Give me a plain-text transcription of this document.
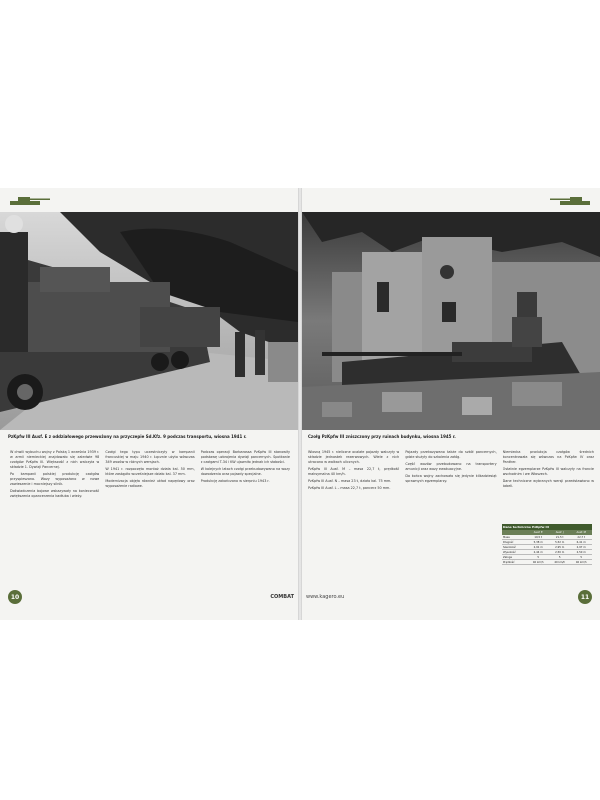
PzKpfw III Ausf. E z oddziałowego przewożony na przyczepie Sd.Kfz. 9 podczas transportu, wiosna 1941 r.

W chwili wybuchu wojny z Polską 1 września 1939 r. w armii niemieckiej znajdowało się zaledwie 98 czołgów PzKpfw III. Większość z nich walczyła w składzie 1. Dywizji Pancernej.

Po kampanii polskiej produkcję czołgów przyspieszono. Wozy wyposażono w nowe zawieszenie i mocniejszy silnik.

Doświadczenia bojowe wskazywały na konieczność zwiększenia opancerzenia kadłuba i wieży.

Czołgi tego typu uczestniczyły w kampanii francuskiej w maju 1940 r. Łącznie użyto wówczas 349 wozów w różnych wersjach.

W 1941 r. rozpoczęto montaż działa kal. 50 mm, które zastąpiło wcześniejsze działo kal. 37 mm.

Modernizacja objęła również układ napędowy oraz wyposażenie radiowe.

Podczas operacji Barbarossa PzKpfw III stanowiły podstawę uzbrojenia dywizji pancernych. Spotkanie z czołgami T-34 i KW ujawniło jednak ich słabości.

W kolejnych latach czołgi przebudowywano na wozy dowodzenia oraz pojazdy specjalne.

Produkcję zakończono w sierpniu 1943 r.

10	COMBAT
Czołg PzKpfw III zniszczony przy ruinach budynku, wiosna 1945 r.

Wiosną 1945 r. nieliczne ocalałe pojazdy walczyły w składzie jednostek rezerwowych. Wiele z nich utracono w walkach ulicznych.

PzKpfw III Ausf. M – masa 22,7 t, prędkość maksymalna 40 km/h.

PzKpfw III Ausf. N – masa 23 t, działo kal. 75 mm.

PzKpfw III Ausf. L – masa 22,7 t, pancerz 50 mm.

Pojazdy przekazywano także do szkół pancernych, gdzie służyły do szkolenia załóg.

Część wozów przebudowano na transportery amunicji oraz wozy ewakuacyjne.

Do końca wojny zachowało się jedynie kilkadziesiąt sprawnych egzemplarzy.

Niemiecka produkcja czołgów średnich koncentrowała się wówczas na PzKpfw IV oraz Panther.

Ostatnie egzemplarze PzKpfw III walczyły na froncie wschodnim i we Włoszech.

Dane techniczne wybranych wersji przedstawiono w tabeli.

Dane techniczne PzKpfw III
	Ausf. E	Ausf. J	Ausf. M
Masa	19,5 t	21,5 t	22,7 t
Długość	5,38 m	5,52 m	6,41 m
Szerokość	2,91 m	2,95 m	2,97 m
Wysokość	2,44 m	2,50 m	2,50 m
Załoga	5	5	5
Prędkość	40 km/h	40 km/h	40 km/h
www.kagero.eu	11
